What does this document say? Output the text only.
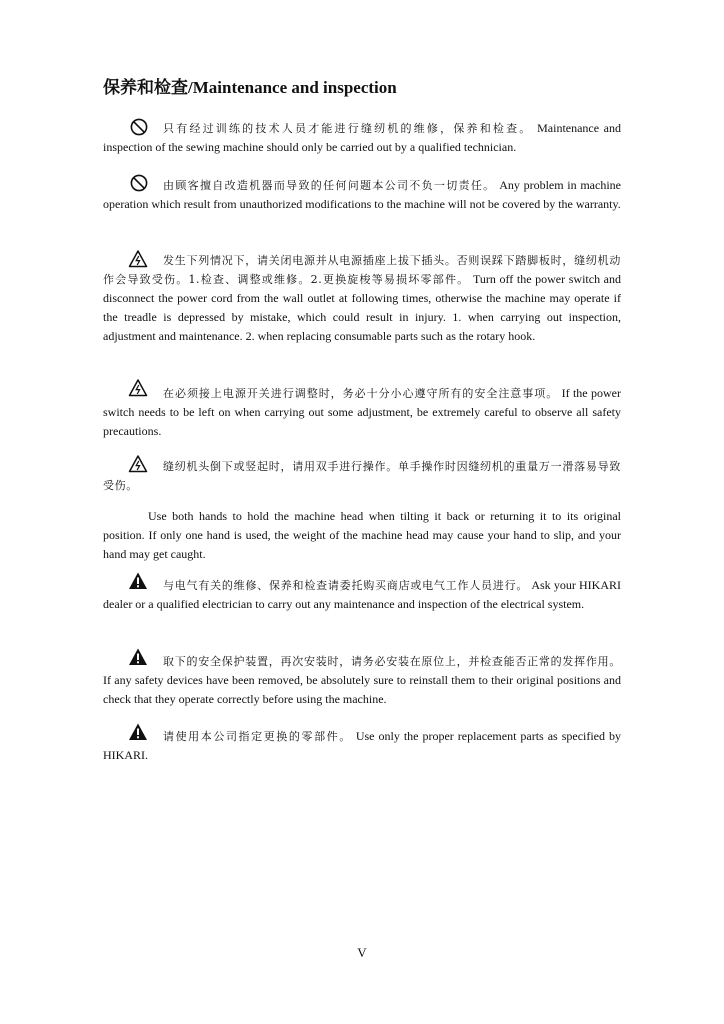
保养和检查/Maintenance and inspection

只有经过训练的技术人员才能进行缝纫机的维修，保养和检查。 Maintenance and inspection of the sewing machine should only be carried out by a qualified technician.

由顾客擅自改造机器而导致的任何问题本公司不负一切责任。 Any problem in machine operation which result from unauthorized modifications to the machine will not be covered by the warranty.

发生下列情况下，请关闭电源并从电源插座上拔下插头。否则误踩下踏脚板时，缝纫机动作会导致受伤。1.检查、调整或维修。2.更换旋梭等易损坏零部件。 Turn off the power switch and disconnect the power cord from the wall outlet at following times, otherwise the machine may operate if the treadle is depressed by mistake, which could result in injury. 1. when carrying out inspection, adjustment and maintenance. 2. when replacing consumable parts such as the rotary hook.

在必须接上电源开关进行调整时，务必十分小心遵守所有的安全注意事项。 If the power switch needs to be left on when carrying out some adjustment, be extremely careful to observe all safety precautions.

缝纫机头倒下或竖起时，请用双手进行操作。单手操作时因缝纫机的重量万一滑落易导致受伤。

Use both hands to hold the machine head when tilting it back or returning it to its original position. If only one hand is used, the weight of the machine head may cause your hand to slip, and your hand may get caught.

与电气有关的维修、保养和检查请委托购买商店或电气工作人员进行。 Ask your HIKARI dealer or a qualified electrician to carry out any maintenance and inspection of the electrical system.

取下的安全保护装置，再次安装时，请务必安装在原位上，并检查能否正常的发挥作用。 If any safety devices have been removed, be absolutely sure to reinstall them to their original positions and check that they operate correctly before using the machine.

请使用本公司指定更换的零部件。 Use only the proper replacement parts as specified by HIKARI.

V
